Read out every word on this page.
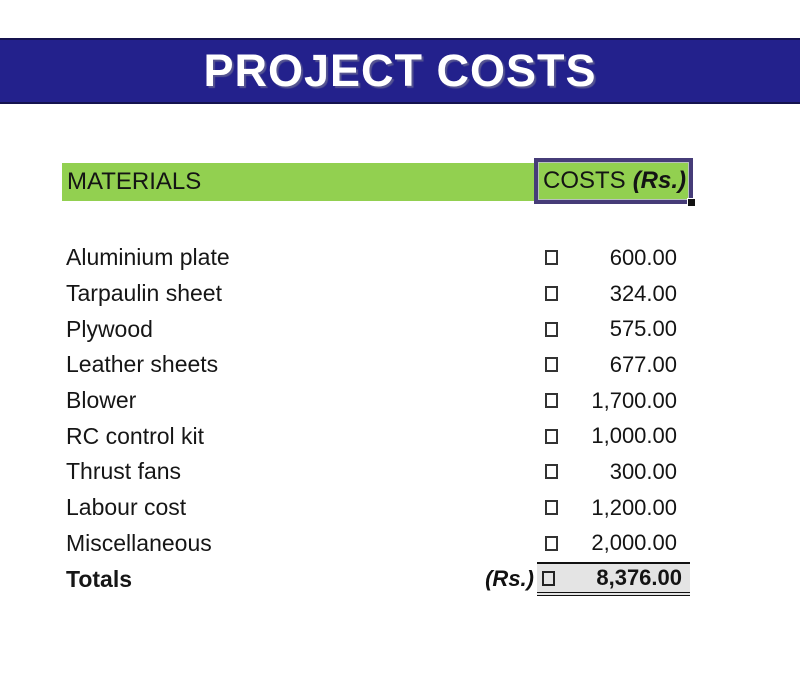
PROJECT COSTS
MATERIALS	COSTS (Rs.)
Aluminium plate	600.00
Tarpaulin sheet	324.00
Plywood	575.00
Leather sheets	677.00
Blower	1,700.00
RC control kit	1,000.00
Thrust fans	300.00
Labour cost	1,200.00
Miscellaneous	2,000.00
Totals	(Rs.)	8,376.00
